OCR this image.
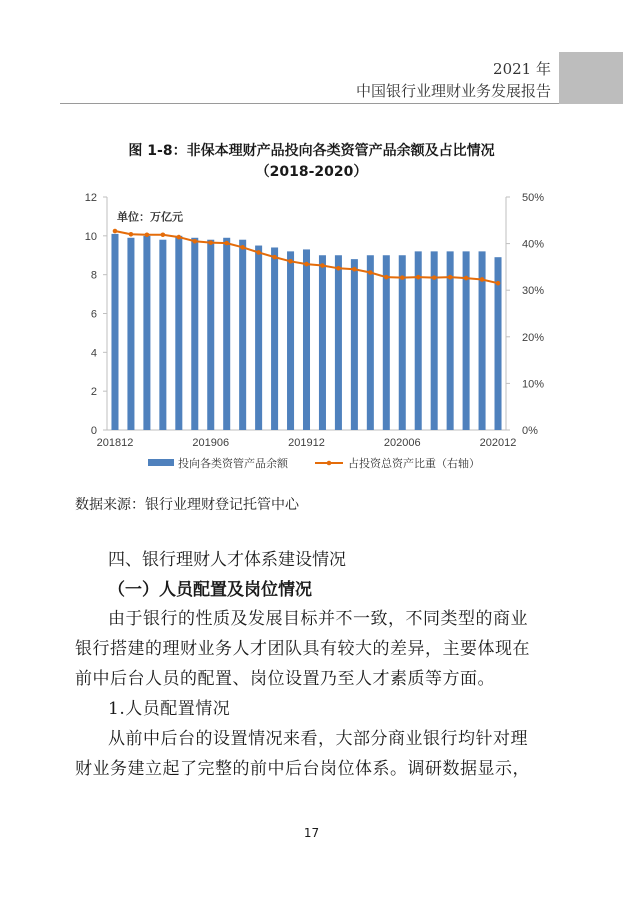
2021 年
中国银行业理财业务发展报告
图 1-8：非保本理财产品投向各类资管产品余额及占比情况
（2018-2020）
0
2
4
6
8
10
12
0%
10%
20%
30%
40%
50%
单位：万亿元
201812	201906	201912	202006	202012
投向各类资管产品余额	占投资总资产比重（右轴）
数据来源：银行业理财登记托管中心
四、银行理财人才体系建设情况
（一）人员配置及岗位情况
由于银行的性质及发展目标并不一致，不同类型的商业
银行搭建的理财业务人才团队具有较大的差异，主要体现在
前中后台人员的配置、岗位设置乃至人才素质等方面。
1.人员配置情况
从前中后台的设置情况来看，大部分商业银行均针对理
财业务建立起了完整的前中后台岗位体系。调研数据显示，
17
